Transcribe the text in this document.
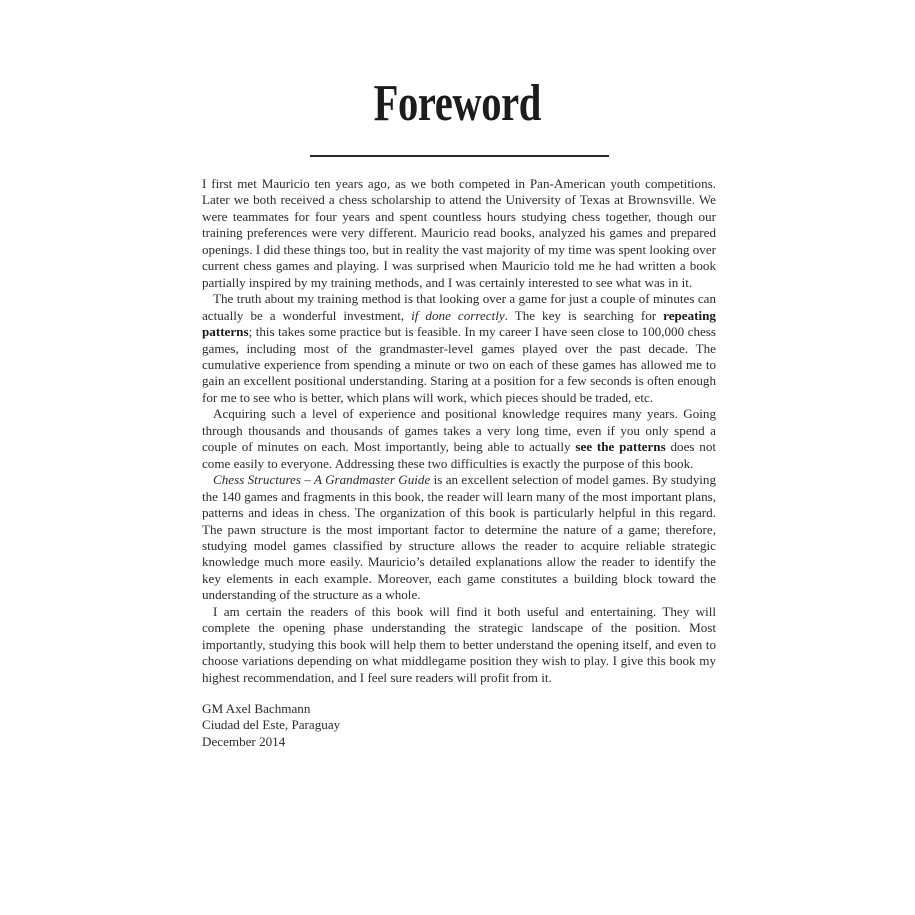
Foreword

I first met Mauricio ten years ago, as we both competed in Pan-American youth competitions. Later we both received a chess scholarship to attend the University of Texas at Brownsville. We were teammates for four years and spent countless hours studying chess together, though our training preferences were very different. Mauricio read books, analyzed his games and prepared openings. I did these things too, but in reality the vast majority of my time was spent looking over current chess games and playing. I was surprised when Mauricio told me he had written a book partially inspired by my training methods, and I was certainly interested to see what was in it.

The truth about my training method is that looking over a game for just a couple of minutes can actually be a wonderful investment, if done correctly. The key is searching for repeating patterns; this takes some practice but is feasible. In my career I have seen close to 100,000 chess games, including most of the grandmaster-level games played over the past decade. The cumulative experience from spending a minute or two on each of these games has allowed me to gain an excellent positional understanding. Staring at a position for a few seconds is often enough for me to see who is better, which plans will work, which pieces should be traded, etc.

Acquiring such a level of experience and positional knowledge requires many years. Going through thousands and thousands of games takes a very long time, even if you only spend a couple of minutes on each. Most importantly, being able to actually see the patterns does not come easily to everyone. Addressing these two difficulties is exactly the purpose of this book.

Chess Structures – A Grandmaster Guide is an excellent selection of model games. By studying the 140 games and fragments in this book, the reader will learn many of the most important plans, patterns and ideas in chess. The organization of this book is particularly helpful in this regard. The pawn structure is the most important factor to determine the nature of a game; therefore, studying model games classified by structure allows the reader to acquire reliable strategic knowledge much more easily. Mauricio’s detailed explanations allow the reader to identify the key elements in each example. Moreover, each game constitutes a building block toward the understanding of the structure as a whole.

I am certain the readers of this book will find it both useful and entertaining. They will complete the opening phase understanding the strategic landscape of the position. Most importantly, studying this book will help them to better understand the opening itself, and even to choose variations depending on what middlegame position they wish to play. I give this book my highest recommendation, and I feel sure readers will profit from it.

GM Axel Bachmann
Ciudad del Este, Paraguay
December 2014
